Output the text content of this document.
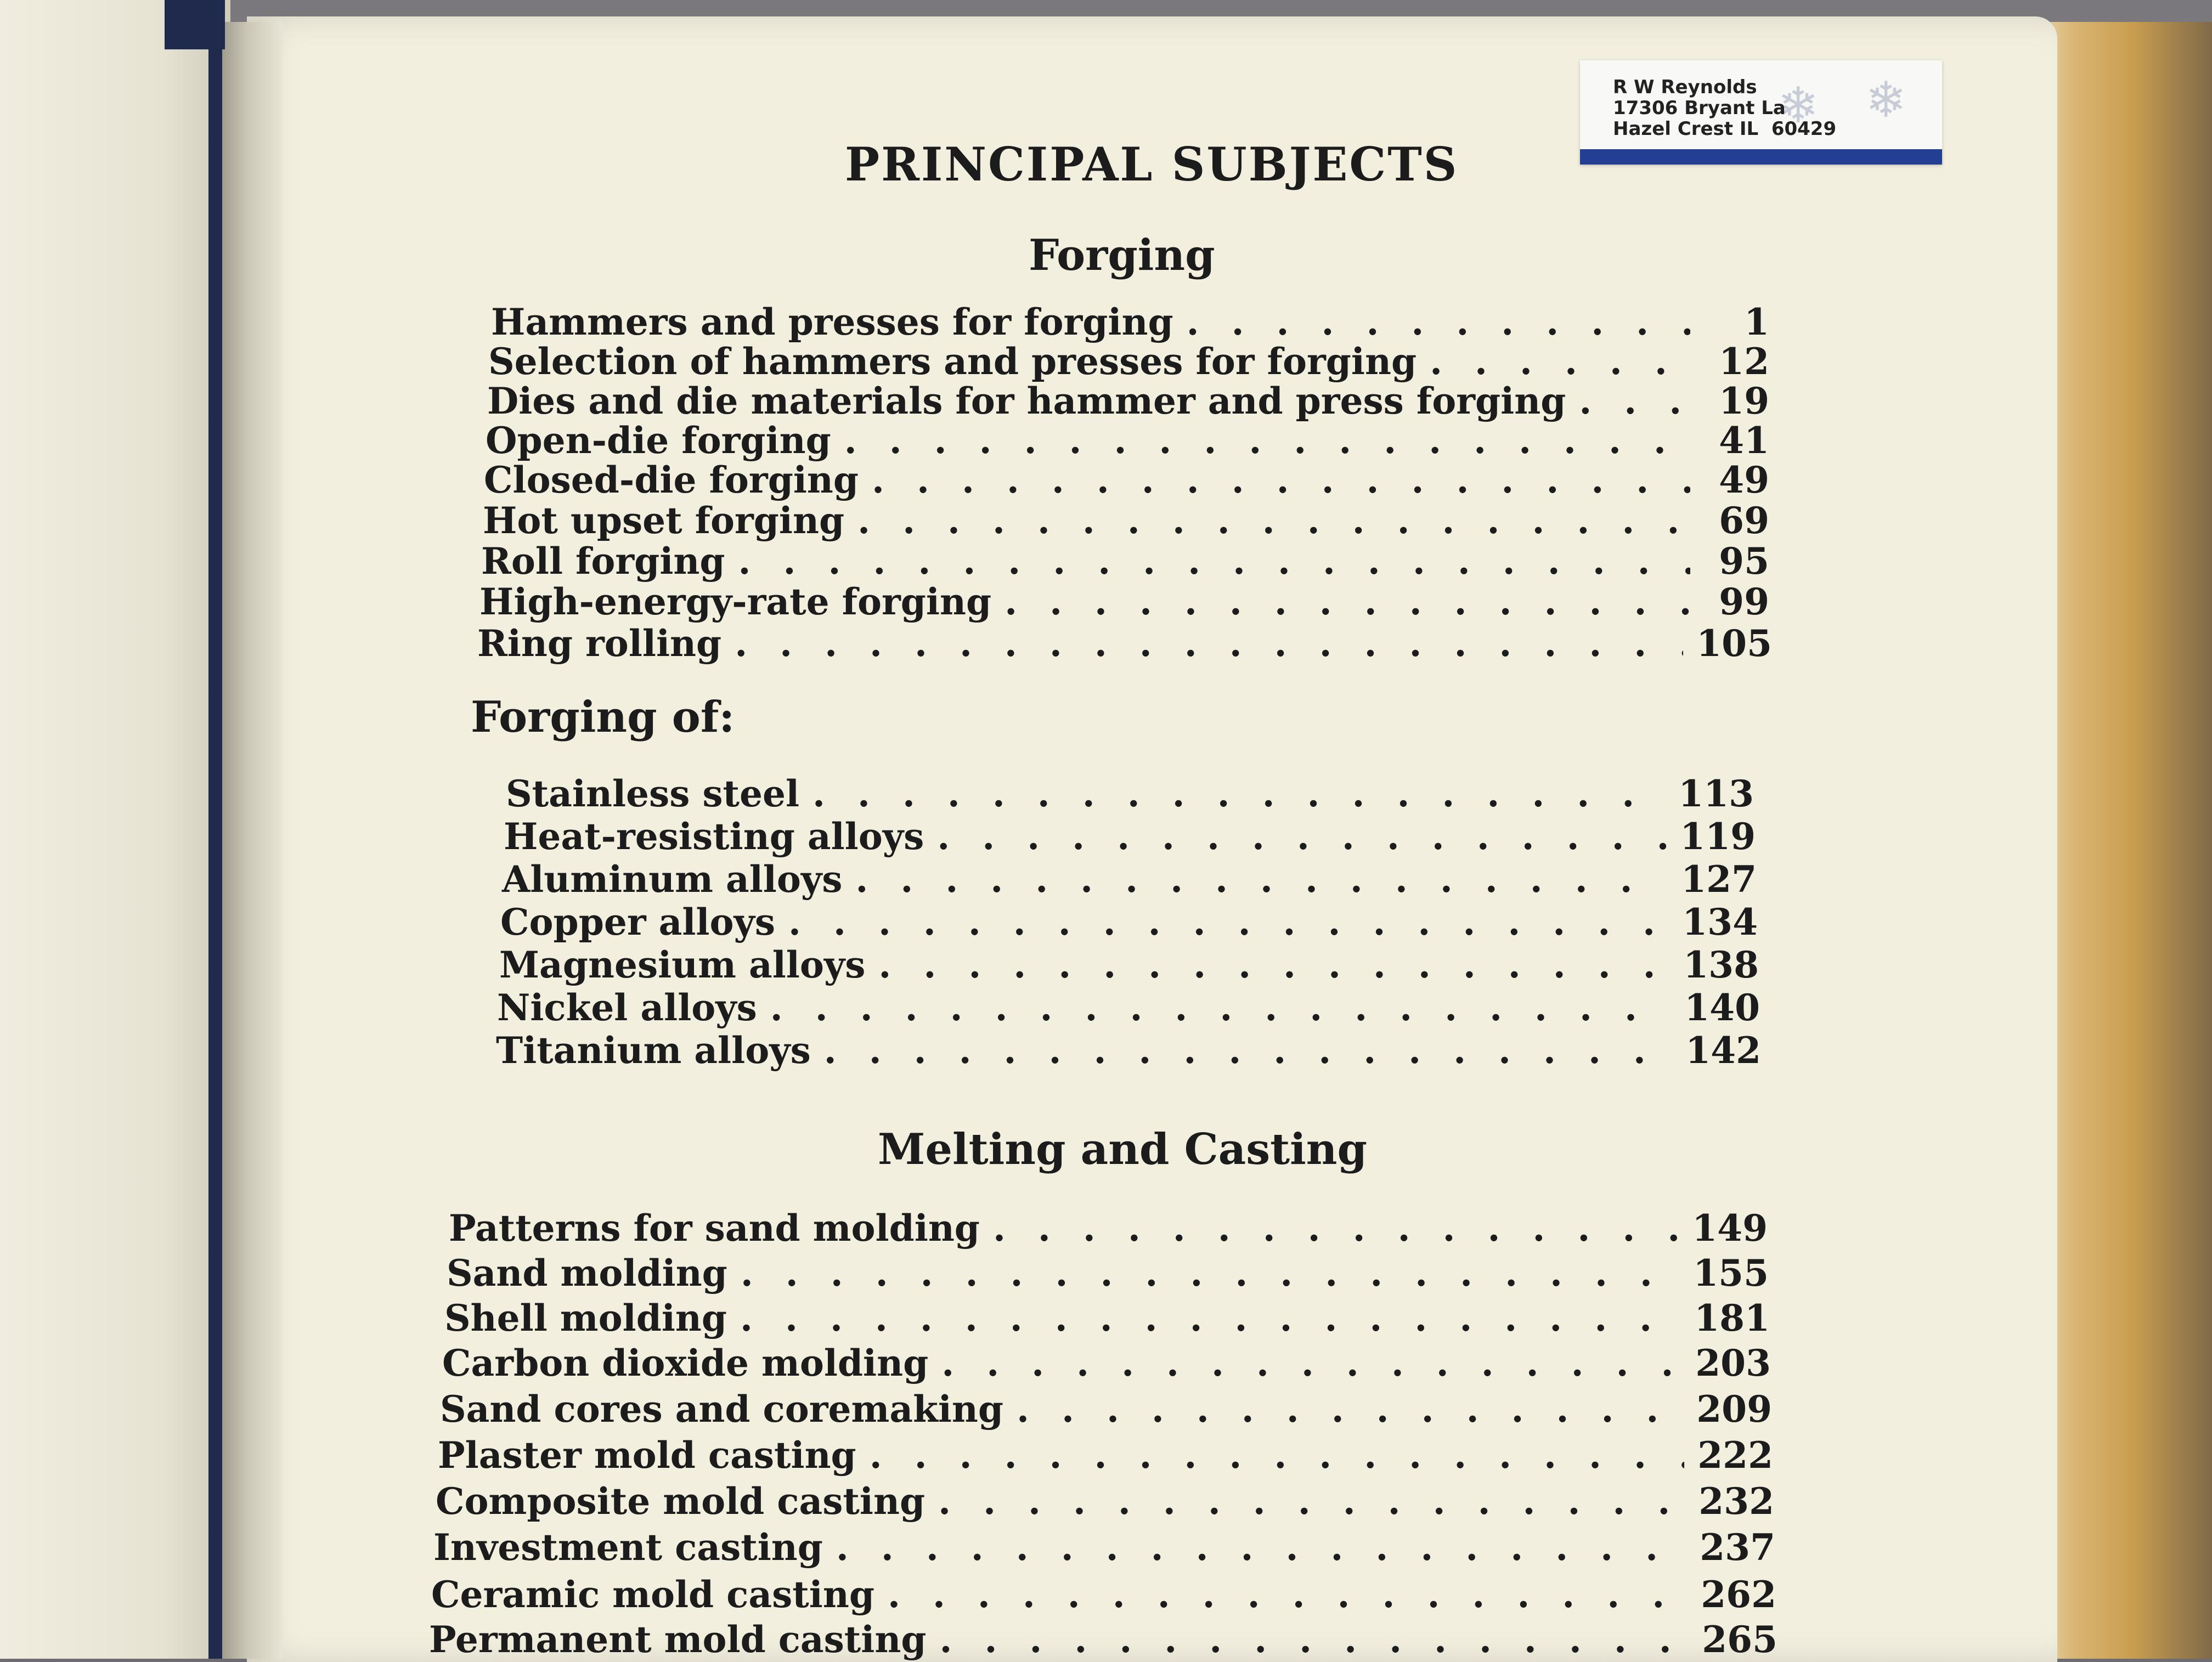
❄ ❄
R W Reynolds
17306 Bryant La
Hazel Crest IL  60429
PRINCIPAL SUBJECTS
Forging
Hammers and presses for forging . . .	1
Selection of hammers and presses for forging . . .	12
Dies and die materials for hammer and press forging . . .	19
Open-die forging . . .	41
Closed-die forging . . .	49
Hot upset forging . . .	69
Roll forging . . .	95
High-energy-rate forging . . .	99
Ring rolling . . .	105
Forging of:
Stainless steel . . .	113
Heat-resisting alloys . . .	119
Aluminum alloys . . .	127
Copper alloys . . .	134
Magnesium alloys . . .	138
Nickel alloys . . .	140
Titanium alloys . . .	142
Melting and Casting
Patterns for sand molding . . .	149
Sand molding . . .	155
Shell molding . . .	181
Carbon dioxide molding . . .	203
Sand cores and coremaking . . .	209
Plaster mold casting . . .	222
Composite mold casting . . .	232
Investment casting . . .	237
Ceramic mold casting . . .	262
Permanent mold casting . . .	265
